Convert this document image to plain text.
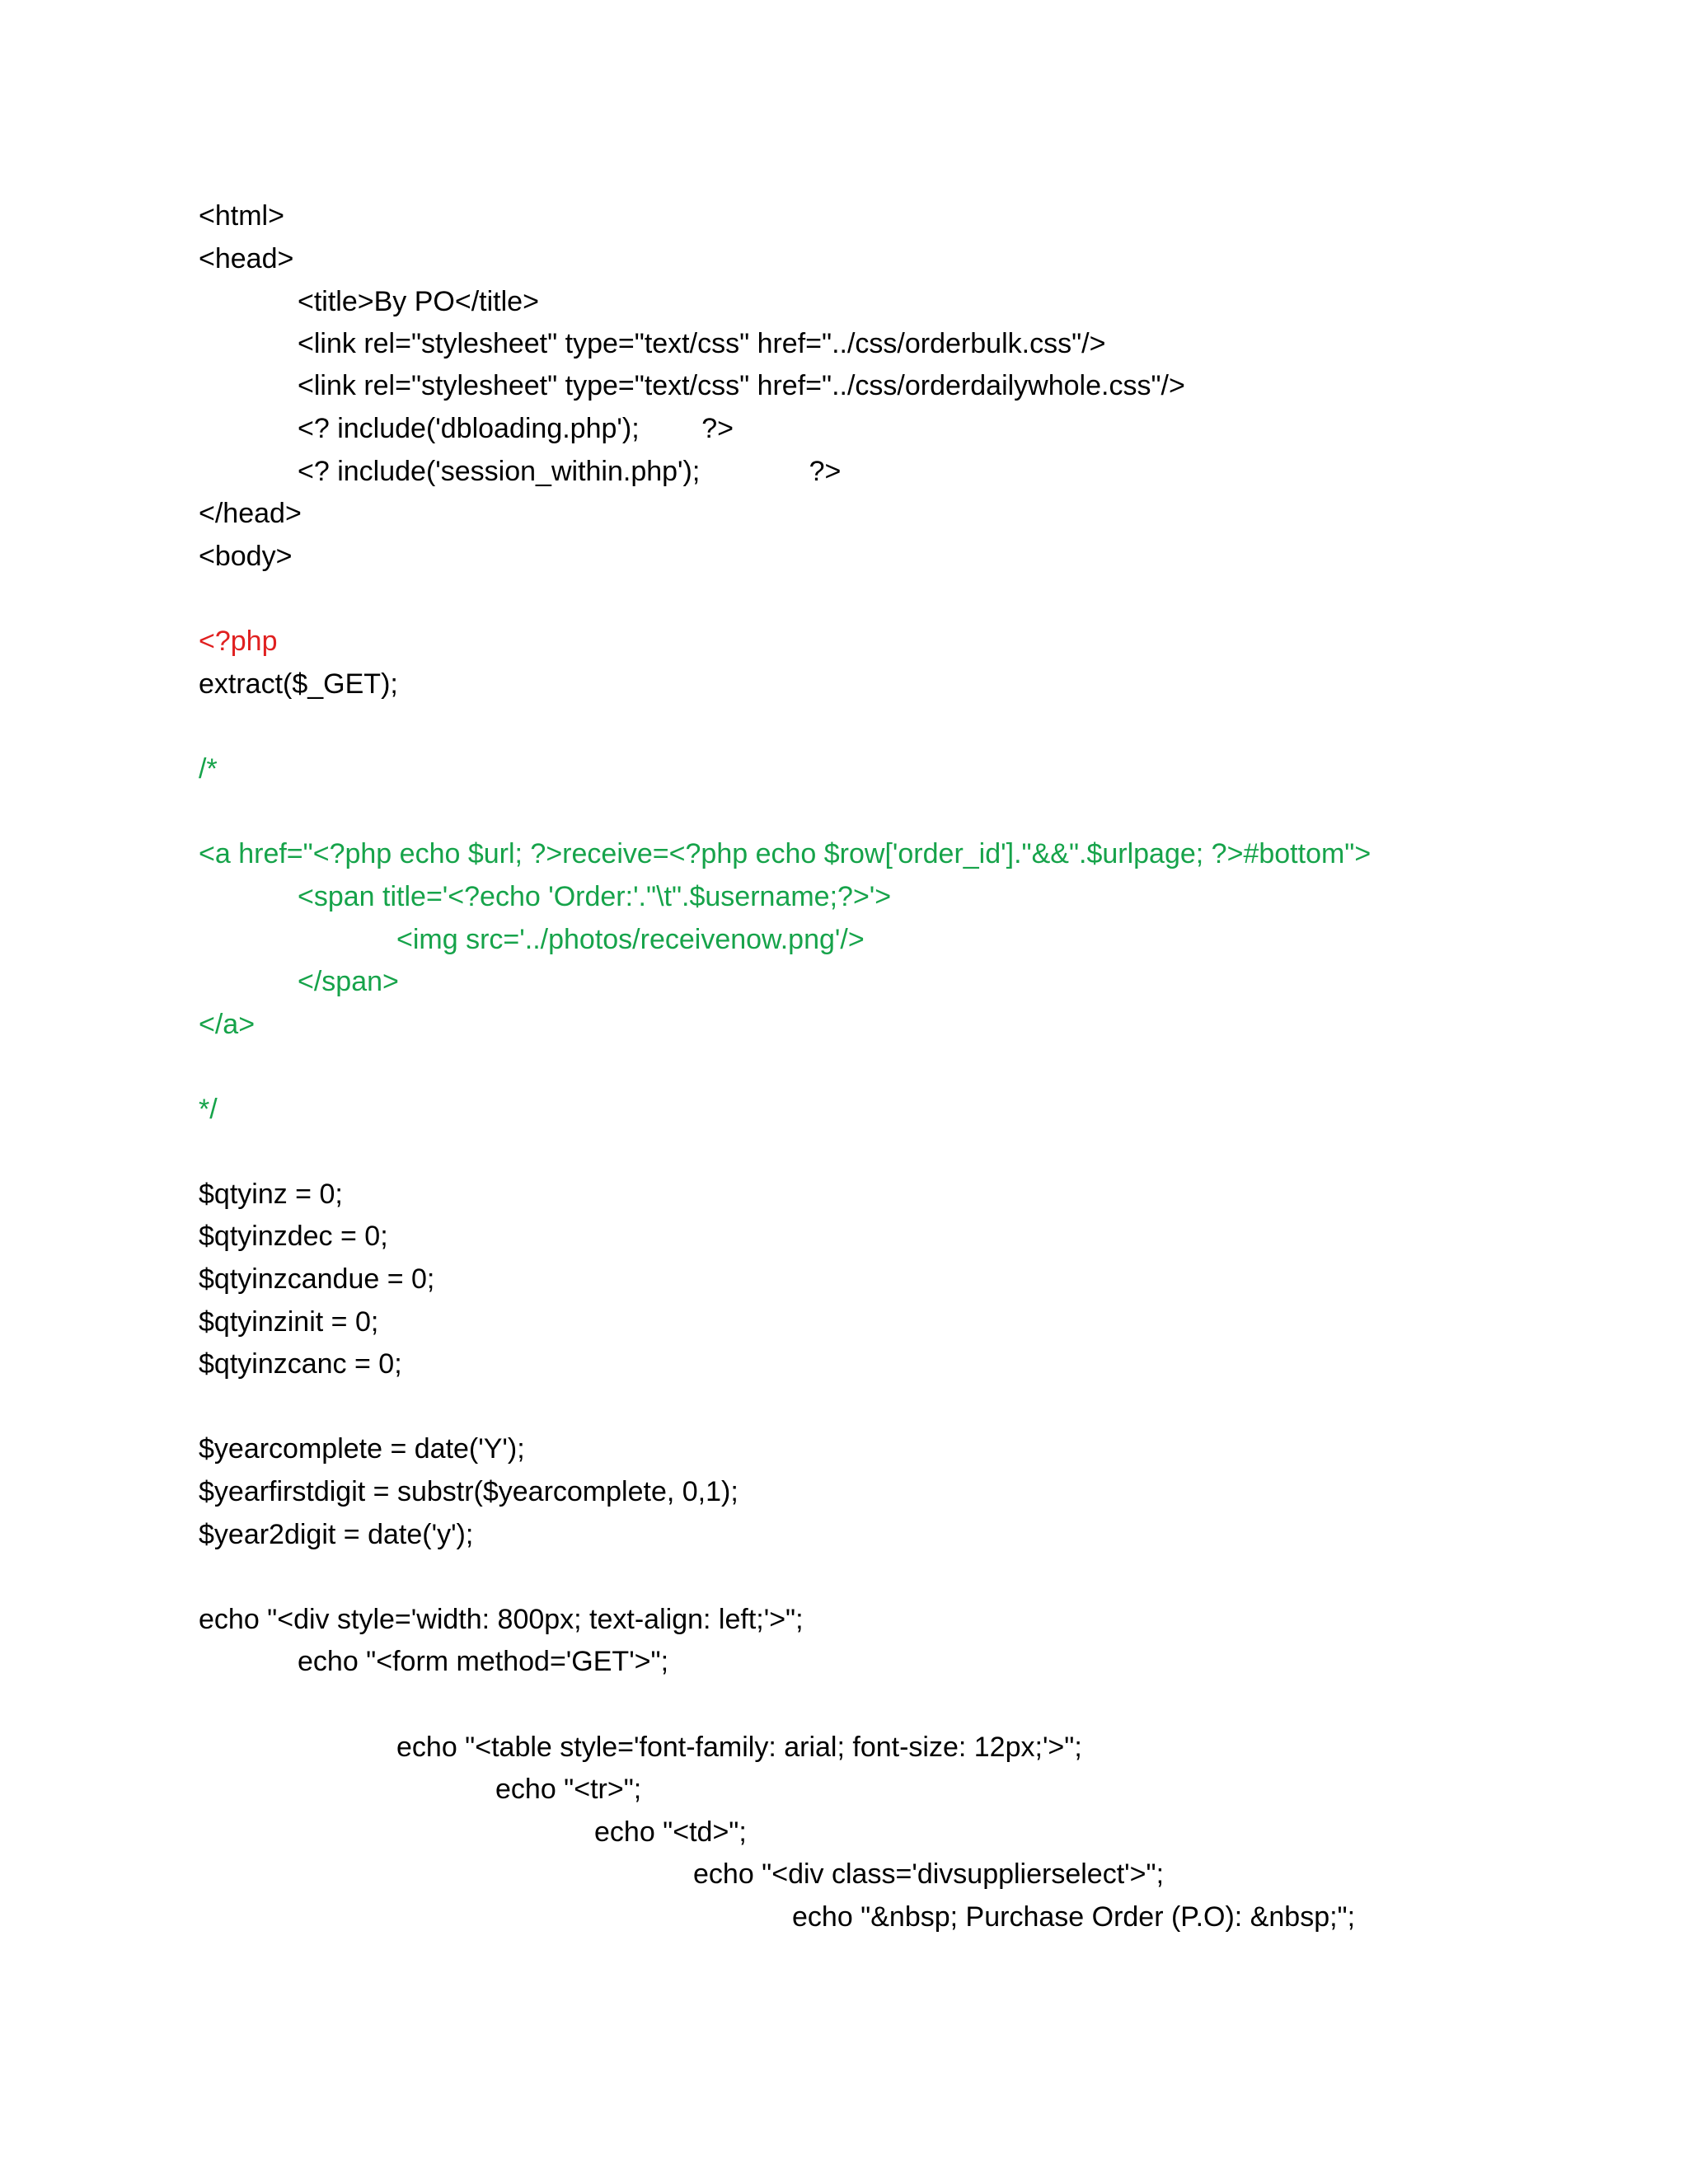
<html>
<head>
<title>By PO</title>
<link rel="stylesheet" type="text/css" href="../css/orderbulk.css"/>
<link rel="stylesheet" type="text/css" href="../css/orderdailywhole.css"/>
<? include('dbloading.php');        ?>
<? include('session_within.php');              ?>
</head>
<body>
<?php
extract($_GET);
/*
<a href="<?php echo $url; ?>receive=<?php echo $row['order_id']."&&".$urlpage; ?>#bottom">
<span title='<?echo 'Order:'."\t".$username;?>'>
<img src='../photos/receivenow.png'/>
</span>
</a>
*/
$qtyinz = 0;
$qtyinzdec = 0;
$qtyinzcandue = 0;
$qtyinzinit = 0;
$qtyinzcanc = 0;
$yearcomplete = date('Y');
$yearfirstdigit = substr($yearcomplete, 0,1);
$year2digit = date('y');
echo "<div style='width: 800px; text-align: left;'>";
echo "<form method='GET'>";
echo "<table style='font-family: arial; font-size: 12px;'>";
echo "<tr>";
echo "<td>";
echo "<div class='divsupplierselect'>";
echo "&nbsp; Purchase Order (P.O): &nbsp;";
